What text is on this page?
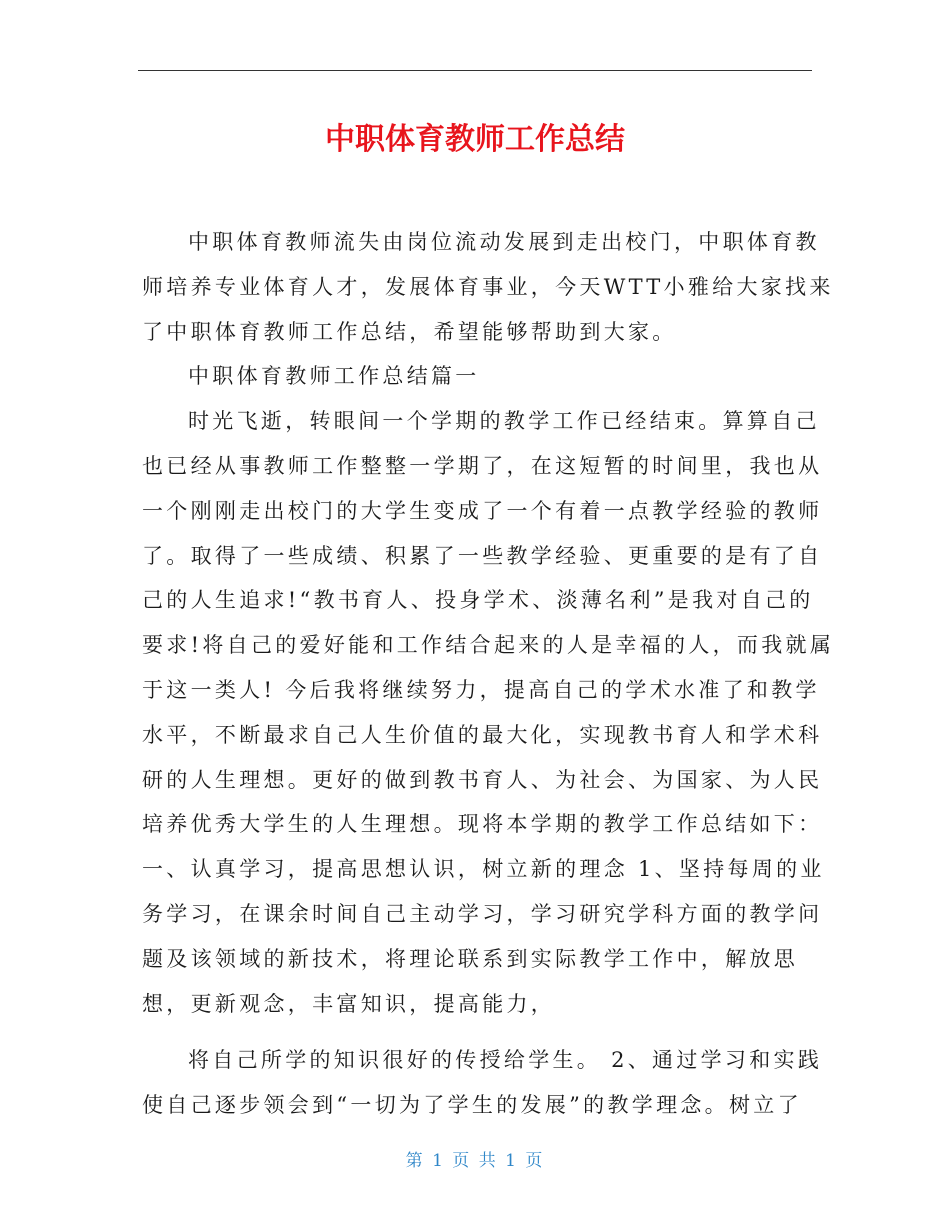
中职体育教师工作总结
中职体育教师流失由岗位流动发展到走出校门，中职体育教
师培养专业体育人才，发展体育事业，今天WTT小雅给大家找来
了中职体育教师工作总结，希望能够帮助到大家。
中职体育教师工作总结篇一
时光飞逝，转眼间一个学期的教学工作已经结束。算算自己
也已经从事教师工作整整一学期了，在这短暂的时间里，我也从
一个刚刚走出校门的大学生变成了一个有着一点教学经验的教师
了。取得了一些成绩、积累了一些教学经验、更重要的是有了自
己的人生追求!“教书育人、投身学术、淡薄名利”是我对自己的
要求!将自己的爱好能和工作结合起来的人是幸福的人，而我就属
于这一类人! 今后我将继续努力，提高自己的学术水准了和教学
水平，不断最求自己人生价值的最大化，实现教书育人和学术科
研的人生理想。更好的做到教书育人、为社会、为国家、为人民
培养优秀大学生的人生理想。现将本学期的教学工作总结如下：
一、认真学习，提高思想认识，树立新的理念 1、坚持每周的业
务学习，在课余时间自己主动学习，学习研究学科方面的教学问
题及该领域的新技术，将理论联系到实际教学工作中，解放思
想，更新观念，丰富知识，提高能力，
将自己所学的知识很好的传授给学生。 2、通过学习和实践
使自己逐步领会到“一切为了学生的发展”的教学理念。树立了
第 1 页 共 1 页
